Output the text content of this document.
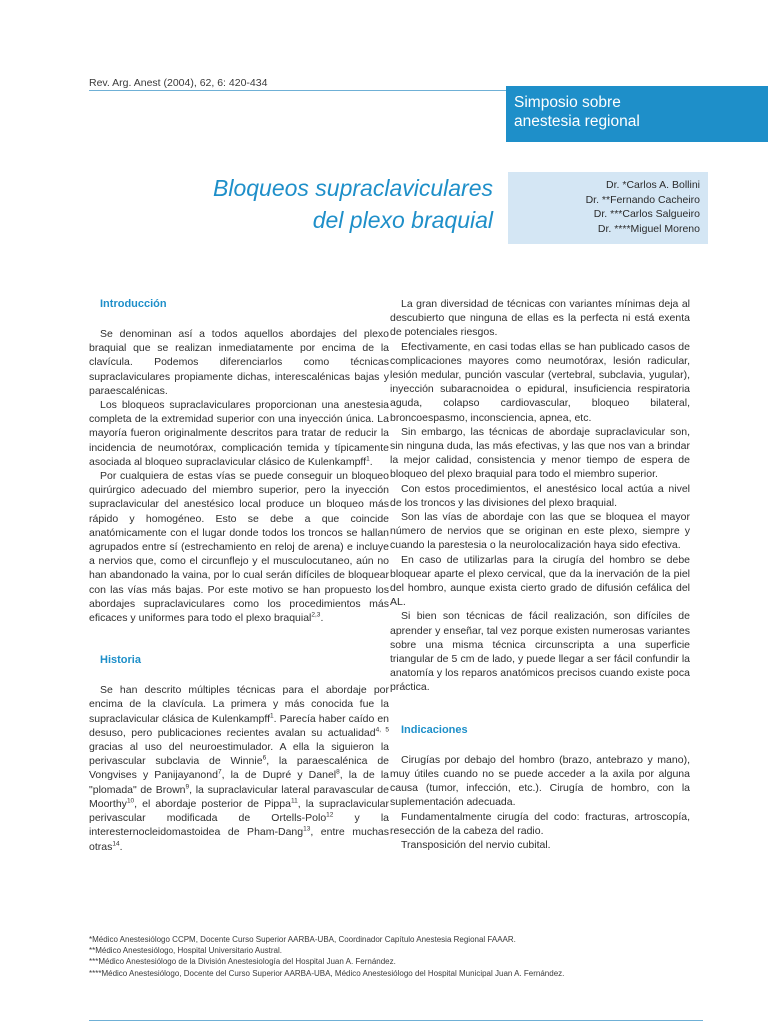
Rev. Arg. Anest (2004), 62, 6: 420-434
Simposio sobre
anestesia regional
Bloqueos supraclaviculares
del plexo braquial
Dr. *Carlos A. Bollini
Dr. **Fernando Cacheiro
Dr. ***Carlos Salgueiro
Dr. ****Miguel Moreno
Introducción

Se denominan así a todos aquellos abordajes del plexo braquial que se realizan inmediatamente por encima de la clavícula. Podemos diferenciarlos como técnicas supraclaviculares propiamente dichas, interescalénicas bajas y paraescalénicas.

Los bloqueos supraclaviculares proporcionan una anestesia completa de la extremidad superior con una inyección única. La mayoría fueron originalmente descritos para tratar de reducir la incidencia de neumotórax, complicación temida y típicamente asociada al bloqueo supraclavicular clásico de Kulenkampff$^1$.

Por cualquiera de estas vías se puede conseguir un bloqueo quirúrgico adecuado del miembro superior, pero la inyección supraclavicular del anestésico local produce un bloqueo más rápido y homogéneo. Esto se debe a que coincide anatómicamente con el lugar donde todos los troncos se hallan agrupados entre sí (estrechamiento en reloj de arena) e incluye a nervios que, como el circunflejo y el musculocutaneo, aún no han abandonado la vaina, por lo cual serán difíciles de bloquear con las vías más bajas. Por este motivo se han propuesto los abordajes supraclaviculares como los procedimientos más eficaces y uniformes para todo el plexo braquial$^{2,3}$.

Historia

Se han descrito múltiples técnicas para el abordaje por encima de la clavícula. La primera y más conocida fue la supraclavicular clásica de Kulenkampff$^1$. Parecía haber caído en desuso, pero publicaciones recientes avalan su actualidad$^{4, 5}$ gracias al uso del neuroestimulador. A ella la siguieron la perivascular subclavia de Winnie$^6$, la paraescalénica de Vongvises y Panijayanond$^7$, la de Dupré y Danel$^8$, la de la "plomada" de Brown$^9$, la supraclavicular lateral paravascular de Moorthy$^{10}$, el abordaje posterior de Pippa$^{11}$, la supraclavicular perivascular modificada de Ortells-Polo$^{12}$ y la interesternocleidomastoidea de Pham-Dang$^{13}$, entre muchas otras$^{14}$.

La gran diversidad de técnicas con variantes mínimas deja al descubierto que ninguna de ellas es la perfecta ni está exenta de potenciales riesgos.

Efectivamente, en casi todas ellas se han publicado casos de complicaciones mayores como neumotórax, lesión radicular, lesión medular, punción vascular (vertebral, subclavia, yugular), inyección subaracnoidea o epidural, insuficiencia respiratoria aguda, colapso cardiovascular, bloqueo bilateral, broncoespasmo, inconsciencia, apnea, etc.

Sin embargo, las técnicas de abordaje supraclavicular son, sin ninguna duda, las más efectivas, y las que nos van a brindar la mejor calidad, consistencia y menor tiempo de espera de bloqueo del plexo braquial para todo el miembro superior.

Con estos procedimientos, el anestésico local actúa a nivel de los troncos y las divisiones del plexo braquial.

Son las vías de abordaje con las que se bloquea el mayor número de nervios que se originan en este plexo, siempre y cuando la parestesia o la neurolocalización haya sido efectiva.

En caso de utilizarlas para la cirugía del hombro se debe bloquear aparte el plexo cervical, que da la inervación de la piel del hombro, aunque exista cierto grado de difusión cefálica del AL.

Si bien son técnicas de fácil realización, son difíciles de aprender y enseñar, tal vez porque existen numerosas variantes sobre una misma técnica circunscripta a una superficie triangular de 5 cm de lado, y puede llegar a ser fácil confundir la anatomía y los reparos anatómicos precisos cuando existe poca práctica.

Indicaciones

Cirugías por debajo del hombro (brazo, antebrazo y mano), muy útiles cuando no se puede acceder a la axila por alguna causa (tumor, infección, etc.). Cirugía de hombro, con la suplementación adecuada.

Fundamentalmente cirugía del codo: fracturas, artroscopía, resección de la cabeza del radio.

Transposición del nervio cubital.

*Médico Anestesiólogo CCPM, Docente Curso Superior AARBA-UBA, Coordinador Capítulo Anestesia Regional FAAAR.
**Médico Anestesiólogo, Hospital Universitario Austral.
***Médico Anestesiólogo de la División Anestesiología del Hospital Juan A. Fernández.
****Médico Anestesiólogo, Docente del Curso Superior AARBA-UBA, Médico Anestesiólogo del Hospital Municipal Juan A. Fernández.
